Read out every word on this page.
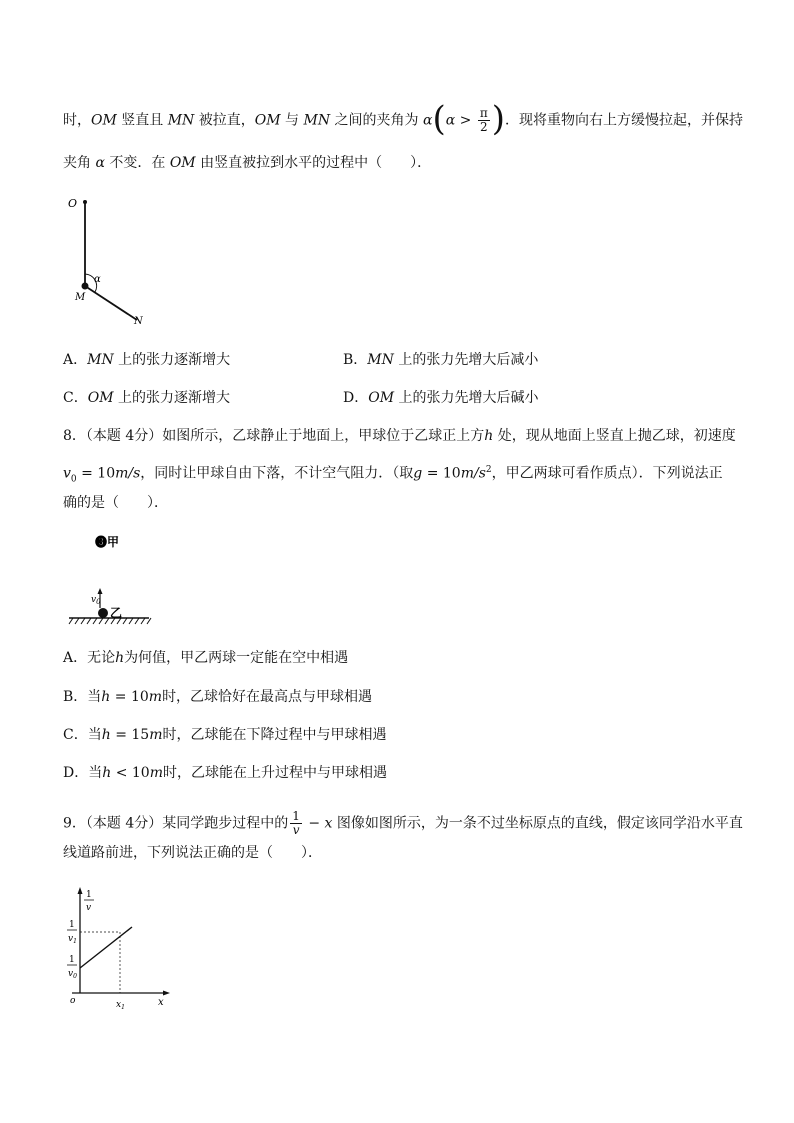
时，OM 竖直且 MN 被拉直，OM 与 MN 之间的夹角为 $\alpha(\alpha > \frac{\pi}{2}$ )．现将重物向右上方缓慢拉起，并保持
夹角 α 不变．在 OM 由竖直被拉到水平的过程中（　　）．
O
α
M
N
A．MN 上的张力逐渐增大	B．MN 上的张力先增大后减小
C．OM 上的张力逐渐增大	D．OM 上的张力先增大后碱小
8．（本题 4分）如图所示，乙球静止于地面上，甲球位于乙球正上方h 处，现从地面上竖直上抛乙球，初速度
$v_0 = 10m/s$，同时让甲球自由下落，不计空气阻力．（取$g = 10m/s^2$，甲乙两球可看作质点）．下列说法正
确的是（　　）．
❸甲
$v_0$
乙
A．无论h为何值，甲乙两球一定能在空中相遇
B．当h = 10m时，乙球恰好在最高点与甲球相遇
C．当h = 15m时，乙球能在下降过程中与甲球相遇
D．当h < 10m时，乙球能在上升过程中与甲球相遇
9．（本题 4分）某同学跑步过程中的 $\frac{1}{v} - x$ 图像如图所示，为一条不过坐标原点的直线，假定该同学沿水平直
线道路前进，下列说法正确的是（　　）．
1
v
1
$v_1$
1
$v_0$
o	$x_1$	x
